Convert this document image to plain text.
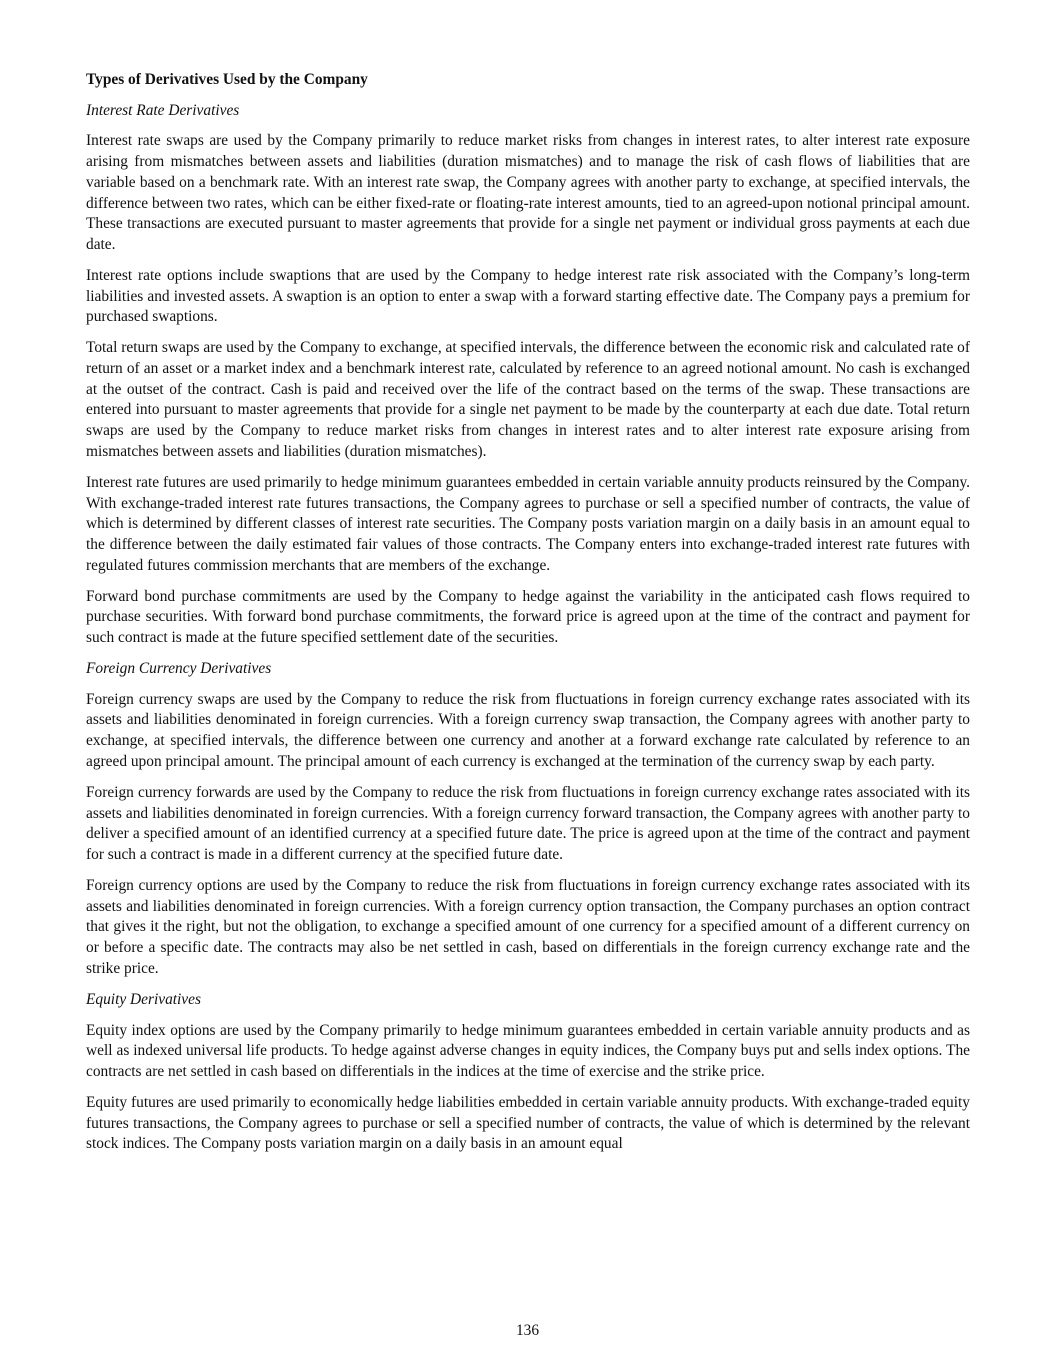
Types of Derivatives Used by the Company
Interest Rate Derivatives

Interest rate swaps are used by the Company primarily to reduce market risks from changes in interest rates, to alter interest rate exposure arising from mismatches between assets and liabilities (duration mismatches) and to manage the risk of cash flows of liabilities that are variable based on a benchmark rate. With an interest rate swap, the Company agrees with another party to exchange, at specified intervals, the difference between two rates, which can be either fixed-rate or floating-rate interest amounts, tied to an agreed-upon notional principal amount. These transactions are executed pursuant to master agreements that provide for a single net payment or individual gross payments at each due date.

Interest rate options include swaptions that are used by the Company to hedge interest rate risk associated with the Company’s long-term liabilities and invested assets. A swaption is an option to enter a swap with a forward starting effective date. The Company pays a premium for purchased swaptions.

Total return swaps are used by the Company to exchange, at specified intervals, the difference between the economic risk and calculated rate of return of an asset or a market index and a benchmark interest rate, calculated by reference to an agreed notional amount. No cash is exchanged at the outset of the contract. Cash is paid and received over the life of the contract based on the terms of the swap. These transactions are entered into pursuant to master agreements that provide for a single net payment to be made by the counterparty at each due date. Total return swaps are used by the Company to reduce market risks from changes in interest rates and to alter interest rate exposure arising from mismatches between assets and liabilities (duration mismatches).

Interest rate futures are used primarily to hedge minimum guarantees embedded in certain variable annuity products reinsured by the Company. With exchange-traded interest rate futures transactions, the Company agrees to purchase or sell a specified number of contracts, the value of which is determined by different classes of interest rate securities. The Company posts variation margin on a daily basis in an amount equal to the difference between the daily estimated fair values of those contracts. The Company enters into exchange-traded interest rate futures with regulated futures commission merchants that are members of the exchange.

Forward bond purchase commitments are used by the Company to hedge against the variability in the anticipated cash flows required to purchase securities. With forward bond purchase commitments, the forward price is agreed upon at the time of the contract and payment for such contract is made at the future specified settlement date of the securities.

Foreign Currency Derivatives

Foreign currency swaps are used by the Company to reduce the risk from fluctuations in foreign currency exchange rates associated with its assets and liabilities denominated in foreign currencies. With a foreign currency swap transaction, the Company agrees with another party to exchange, at specified intervals, the difference between one currency and another at a forward exchange rate calculated by reference to an agreed upon principal amount. The principal amount of each currency is exchanged at the termination of the currency swap by each party.

Foreign currency forwards are used by the Company to reduce the risk from fluctuations in foreign currency exchange rates associated with its assets and liabilities denominated in foreign currencies. With a foreign currency forward transaction, the Company agrees with another party to deliver a specified amount of an identified currency at a specified future date. The price is agreed upon at the time of the contract and payment for such a contract is made in a different currency at the specified future date.

Foreign currency options are used by the Company to reduce the risk from fluctuations in foreign currency exchange rates associated with its assets and liabilities denominated in foreign currencies. With a foreign currency option transaction, the Company purchases an option contract that gives it the right, but not the obligation, to exchange a specified amount of one currency for a specified amount of a different currency on or before a specific date. The contracts may also be net settled in cash, based on differentials in the foreign currency exchange rate and the strike price.

Equity Derivatives

Equity index options are used by the Company primarily to hedge minimum guarantees embedded in certain variable annuity products and as well as indexed universal life products. To hedge against adverse changes in equity indices, the Company buys put and sells index options. The contracts are net settled in cash based on differentials in the indices at the time of exercise and the strike price.

Equity futures are used primarily to economically hedge liabilities embedded in certain variable annuity products. With exchange-traded equity futures transactions, the Company agrees to purchase or sell a specified number of contracts, the value of which is determined by the relevant stock indices. The Company posts variation margin on a daily basis in an amount equal

136
